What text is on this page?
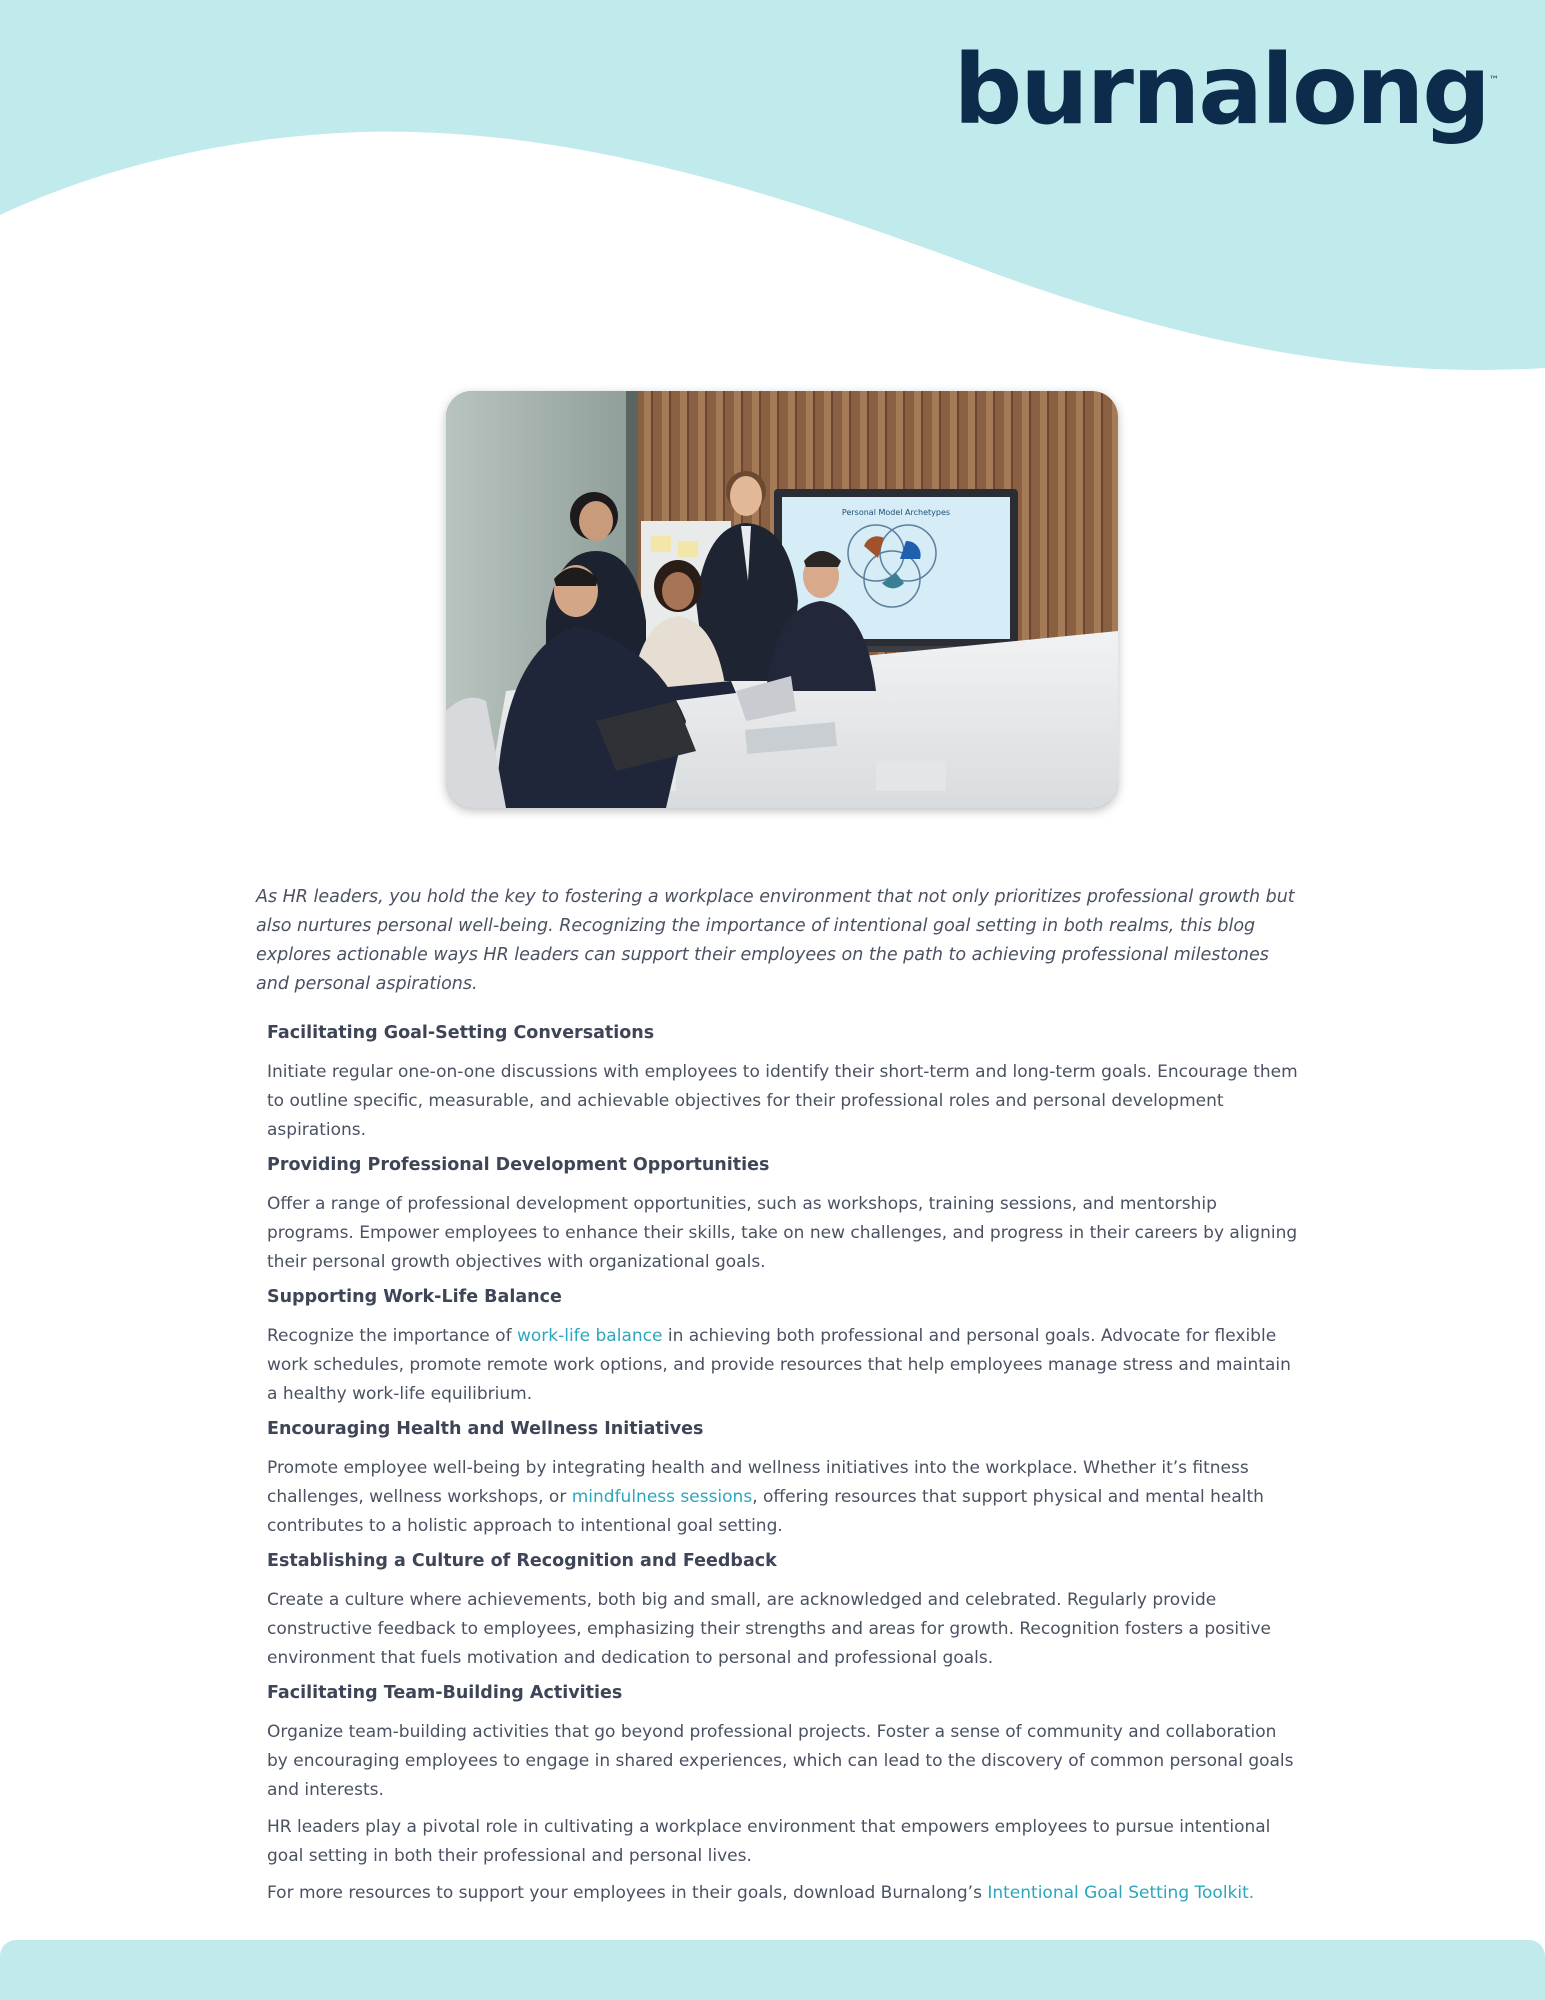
burnalong™
Personal Model Archetypes

As HR leaders, you hold the key to fostering a workplace environment that not only prioritizes professional growth but also nurtures personal well-being. Recognizing the importance of intentional goal setting in both realms, this blog explores actionable ways HR leaders can support their employees on the path to achieving professional milestones and personal aspirations.

Facilitating Goal-Setting Conversations

Initiate regular one-on-one discussions with employees to identify their short-term and long-term goals. Encourage them to outline specific, measurable, and achievable objectives for their professional roles and personal development aspirations.

Providing Professional Development Opportunities

Offer a range of professional development opportunities, such as workshops, training sessions, and mentorship programs. Empower employees to enhance their skills, take on new challenges, and progress in their careers by aligning their personal growth objectives with organizational goals.

Supporting Work-Life Balance

Recognize the importance of work-life balance in achieving both professional and personal goals. Advocate for flexible work schedules, promote remote work options, and provide resources that help employees manage stress and maintain a healthy work-life equilibrium.

Encouraging Health and Wellness Initiatives

Promote employee well-being by integrating health and wellness initiatives into the workplace. Whether it’s fitness challenges, wellness workshops, or mindfulness sessions, offering resources that support physical and mental health contributes to a holistic approach to intentional goal setting.

Establishing a Culture of Recognition and Feedback

Create a culture where achievements, both big and small, are acknowledged and celebrated. Regularly provide constructive feedback to employees, emphasizing their strengths and areas for growth. Recognition fosters a positive environment that fuels motivation and dedication to personal and professional goals.

Facilitating Team-Building Activities

Organize team-building activities that go beyond professional projects. Foster a sense of community and collaboration by encouraging employees to engage in shared experiences, which can lead to the discovery of common personal goals and interests.

HR leaders play a pivotal role in cultivating a workplace environment that empowers employees to pursue intentional goal setting in both their professional and personal lives.

For more resources to support your employees in their goals, download Burnalong’s Intentional Goal Setting Toolkit.
